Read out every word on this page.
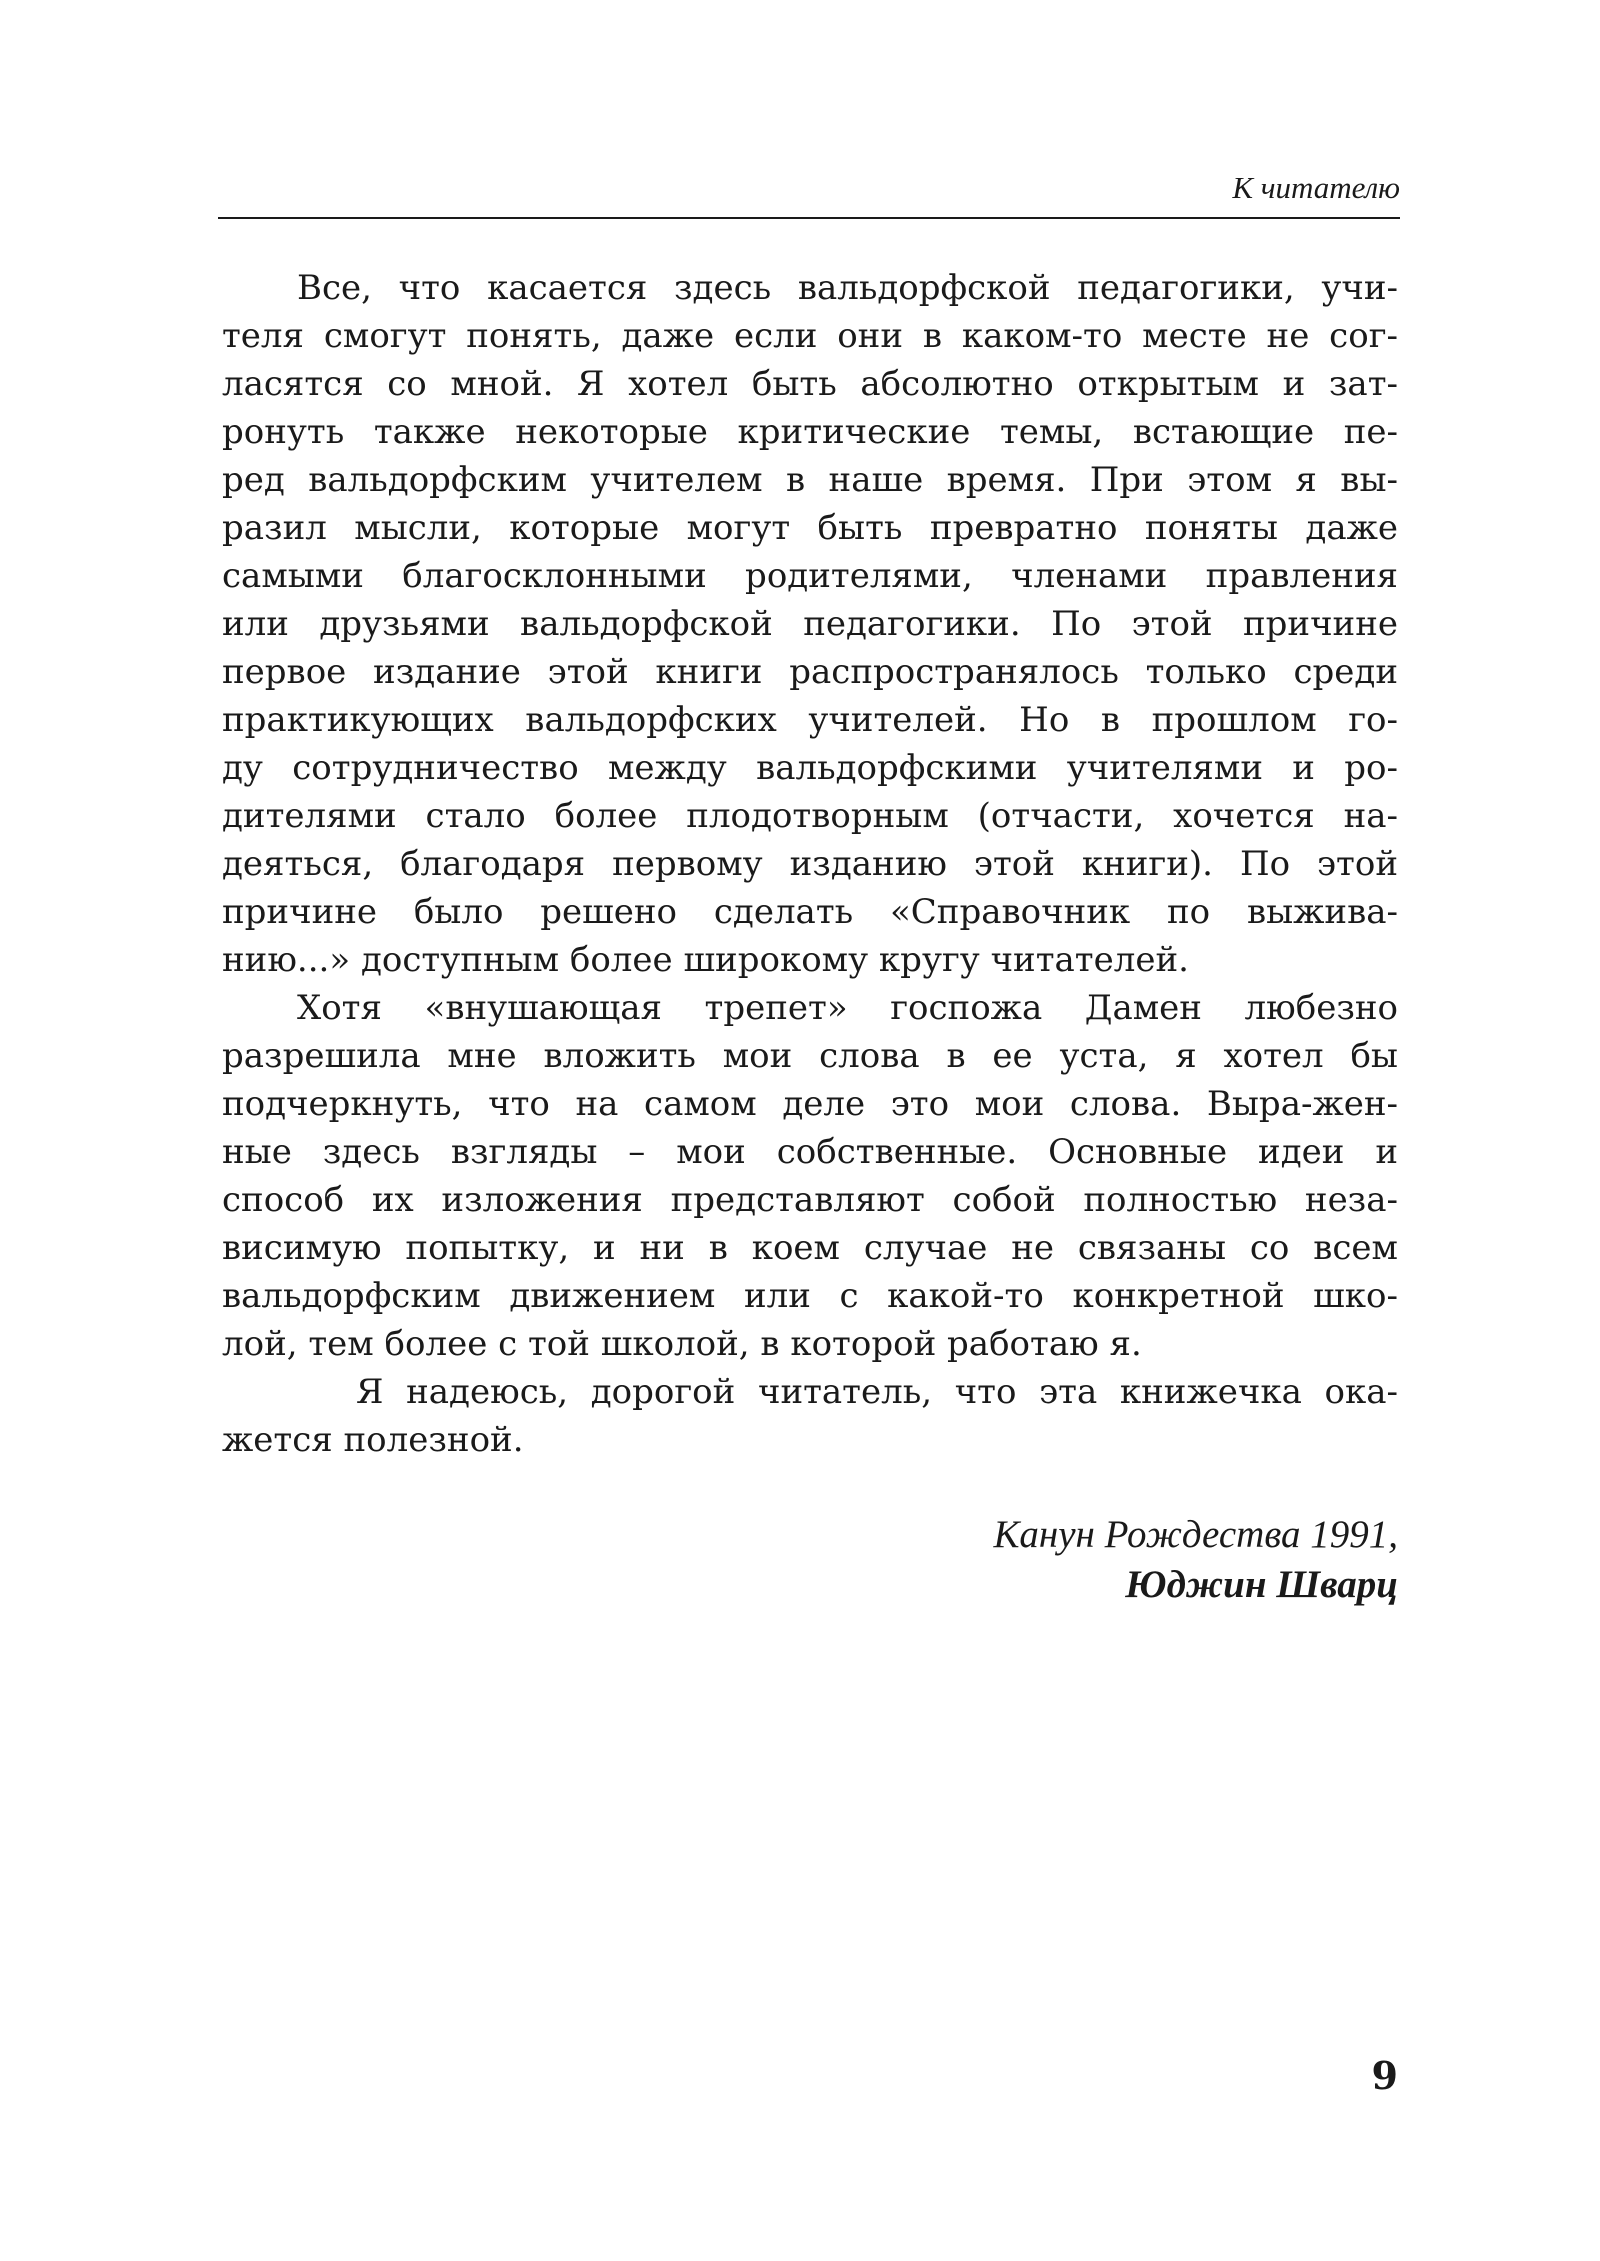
К читателю
Все, что касается здесь вальдорфской педагогики, учи-
теля смогут понять, даже если они в каком-то месте не сог-
ласятся со мной. Я хотел быть абсолютно открытым и зат-
ронуть также некоторые критические темы, встающие пе-
ред вальдорфским учителем в наше время. При этом я вы-
разил мысли, которые могут быть превратно поняты даже
самыми благосклонными родителями, членами правления
или друзьями вальдорфской педагогики. По этой причине
первое издание этой книги распространялось только среди
практикующих вальдорфских учителей. Но в прошлом го-
ду сотрудничество между вальдорфскими учителями и ро-
дителями стало более плодотворным (отчасти, хочется на-
деяться, благодаря первому изданию этой книги). По этой
причине было решено сделать «Справочник по выжива-
нию...» доступным более широкому кругу читателей.
Хотя «внушающая трепет» госпожа Дамен любезно
разрешила мне вложить мои слова в ее уста, я хотел бы
подчеркнуть, что на самом деле это мои слова. Выра-жен-
ные здесь взгляды – мои собственные. Основные идеи и
способ их изложения представляют собой полностью неза-
висимую попытку, и ни в коем случае не связаны со всем
вальдорфским движением или с какой-то конкретной шко-
лой, тем более с той школой, в которой работаю я.
Я надеюсь, дорогой читатель, что эта книжечка ока-
жется полезной.
Канун Рождества 1991,
Юджин Шварц
9
